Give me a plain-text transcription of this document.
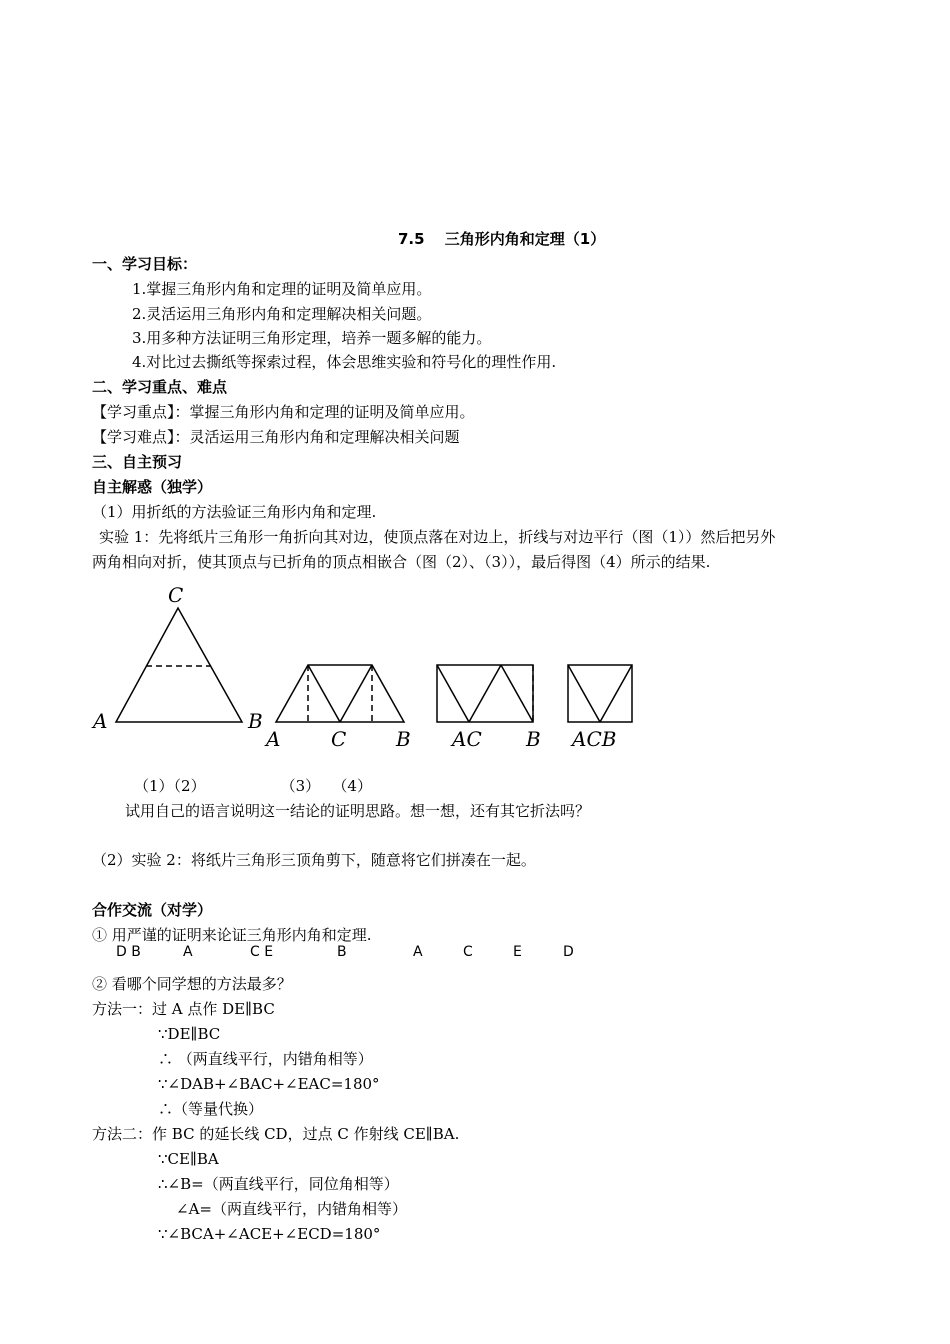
7.5　 三角形内角和定理（1）
一、学习目标：
1.掌握三角形内角和定理的证明及简单应用。
2.灵活运用三角形内角和定理解决相关问题。
3.用多种方法证明三角形定理，培养一题多解的能力。
4.对比过去撕纸等探索过程，体会思维实验和符号化的理性作用.
二、学习重点、难点
【学习重点】：掌握三角形内角和定理的证明及简单应用。
【学习难点】：灵活运用三角形内角和定理解决相关问题
三、自主预习
自主解惑（独学）
（1）用折纸的方法验证三角形内角和定理.
实验 1：先将纸片三角形一角折向其对边，使顶点落在对边上，折线与对边平行（图（1））然后把另外
两角相向对折，使其顶点与已折角的顶点相嵌合（图（2）、（3）），最后得图（4）所示的结果.
C
A	B
A	C B AC B ACB
（1）（2）　　　　　　（3）　 （4）
试用自己的语言说明这一结论的证明思路。想一想，还有其它折法吗？
（2）实验 2：将纸片三角形三顶角剪下，随意将它们拼凑在一起。
合作交流（对学）
① 用严谨的证明来论证三角形内角和定理.
D B	A	C E	B	A	C	E	D
② 看哪个同学想的方法最多？
方法一：过 A 点作 DE∥BC
∵DE∥BC
∴ （两直线平行，内错角相等）
∵∠DAB+∠BAC+∠EAC=180°
∴（等量代换）
方法二：作 BC 的延长线 CD，过点 C 作射线 CE∥BA.
∵CE∥BA
∴∠B=（两直线平行，同位角相等）
∠A=（两直线平行，内错角相等）
∵∠BCA+∠ACE+∠ECD=180°
